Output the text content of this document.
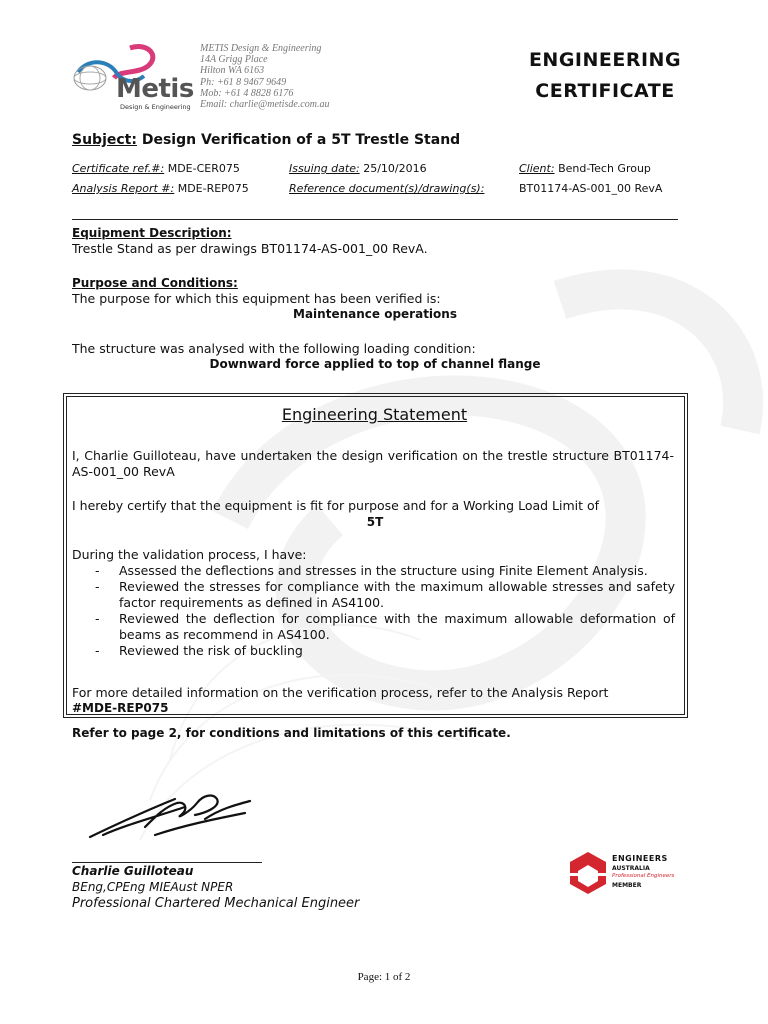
Metis
Design & Engineering
METIS Design & Engineering
14A Grigg Place
Hilton WA 6163
Ph: +61 8 9467 9649
Mob: +61 4 8828 6176
Email: charlie@metisde.com.au
ENGINEERING
CERTIFICATE
Subject: Design Verification of a 5T Trestle Stand
Certificate ref.#: MDE-CER075	Issuing date: 25/10/2016	Client: Bend-Tech Group
Analysis Report #: MDE-REP075	Reference document(s)/drawing(s):	BT01174-AS-001_00 RevA
Equipment Description:
Trestle Stand as per drawings BT01174-AS-001_00 RevA.
Purpose and Conditions:
The purpose for which this equipment has been verified is:
Maintenance operations
The structure was analysed with the following loading condition:
Downward force applied to top of channel flange
Engineering Statement
I, Charlie Guilloteau, have undertaken the design verification on the trestle structure BT01174-AS-001_00 RevA
I hereby certify that the equipment is fit for purpose and for a Working Load Limit of
5T
During the validation process, I have:
-	Assessed the deflections and stresses in the structure using Finite Element Analysis.
-	Reviewed the stresses for compliance with the maximum allowable stresses and safety factor requirements as defined in AS4100.
-	Reviewed the deflection for compliance with the maximum allowable deformation of beams as recommend in AS4100.
-	Reviewed the risk of buckling
For more detailed information on the verification process, refer to the Analysis Report
#MDE-REP075
Refer to page 2, for conditions and limitations of this certificate.
Charlie Guilloteau
BEng,CPEng MIEAust NPER
Professional Chartered Mechanical Engineer
ENGINEERS
AUSTRALIA
Professional Engineers
MEMBER
Page: 1 of 2
